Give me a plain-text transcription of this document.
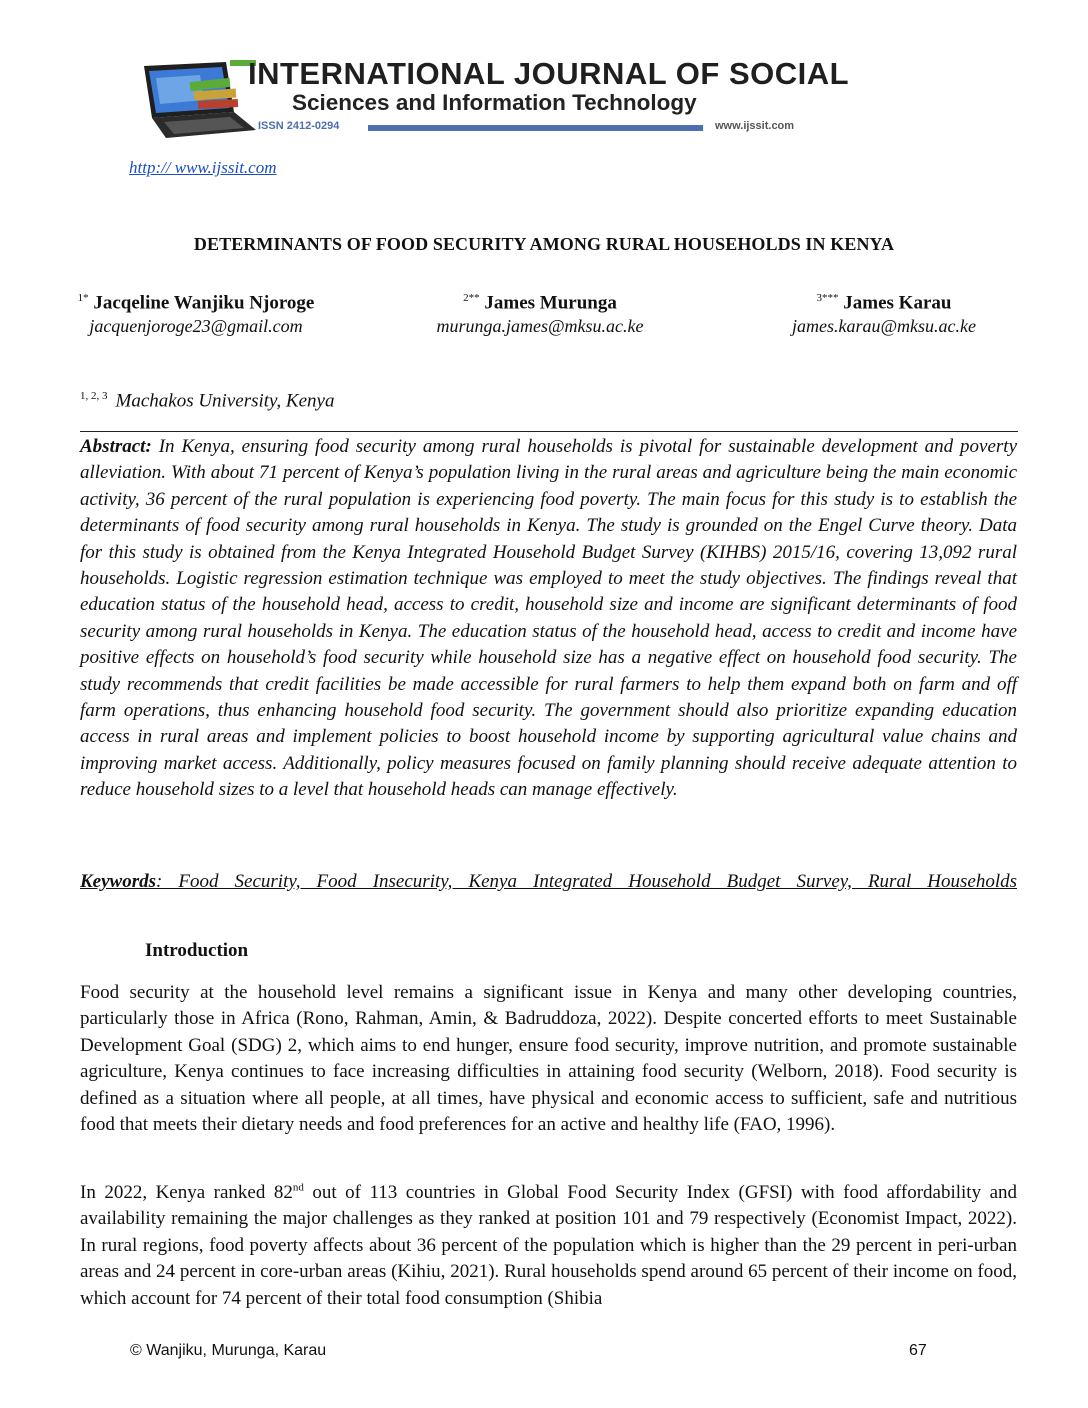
INTERNATIONAL JOURNAL OF SOCIAL
Sciences and Information Technology
ISSN 2412-0294	www.ijssit.com
http:// www.ijssit.com
DETERMINANTS OF FOOD SECURITY AMONG RURAL HOUSEHOLDS IN KENYA
$^{1*}$ Jacqeline Wanjiku Njoroge
jacquenjoroge23@gmail.com
$^{2**}$ James Murunga
murunga.james@mksu.ac.ke
$^{3***}$ James Karau
james.karau@mksu.ac.ke
$^{1, 2, 3}$ Machakos University, Kenya

Abstract: In Kenya, ensuring food security among rural households is pivotal for sustainable development and poverty alleviation. With about 71 percent of Kenya’s population living in the rural areas and agriculture being the main economic activity, 36 percent of the rural population is experiencing food poverty. The main focus for this study is to establish the determinants of food security among rural households in Kenya. The study is grounded on the Engel Curve theory. Data for this study is obtained from the Kenya Integrated Household Budget Survey (KIHBS) 2015/16, covering 13,092 rural households. Logistic regression estimation technique was employed to meet the study objectives. The findings reveal that education status of the household head, access to credit, household size and income are significant determinants of food security among rural households in Kenya. The education status of the household head, access to credit and income have positive effects on household’s food security while household size has a negative effect on household food security. The study recommends that credit facilities be made accessible for rural farmers to help them expand both on farm and off farm operations, thus enhancing household food security. The government should also prioritize expanding education access in rural areas and implement policies to boost household income by supporting agricultural value chains and improving market access. Additionally, policy measures focused on family planning should receive adequate attention to reduce household sizes to a level that household heads can manage effectively.

Keywords: Food Security, Food Insecurity, Kenya Integrated Household Budget Survey, Rural Households
Introduction

Food security at the household level remains a significant issue in Kenya and many other developing countries, particularly those in Africa (Rono, Rahman, Amin, & Badruddoza, 2022). Despite concerted efforts to meet Sustainable Development Goal (SDG) 2, which aims to end hunger, ensure food security, improve nutrition, and promote sustainable agriculture, Kenya continues to face increasing difficulties in attaining food security (Welborn, 2018). Food security is defined as a situation where all people, at all times, have physical and economic access to sufficient, safe and nutritious food that meets their dietary needs and food preferences for an active and healthy life (FAO, 1996).

In 2022, Kenya ranked 82nd out of 113 countries in Global Food Security Index (GFSI) with food affordability and availability remaining the major challenges as they ranked at position 101 and 79 respectively (Economist Impact, 2022). In rural regions, food poverty affects about 36 percent of the population which is higher than the 29 percent in peri-urban areas and 24 percent in core-urban areas (Kihiu, 2021). Rural households spend around 65 percent of their income on food, which account for 74 percent of their total food consumption (Shibia

© Wanjiku, Murunga, Karau	67
